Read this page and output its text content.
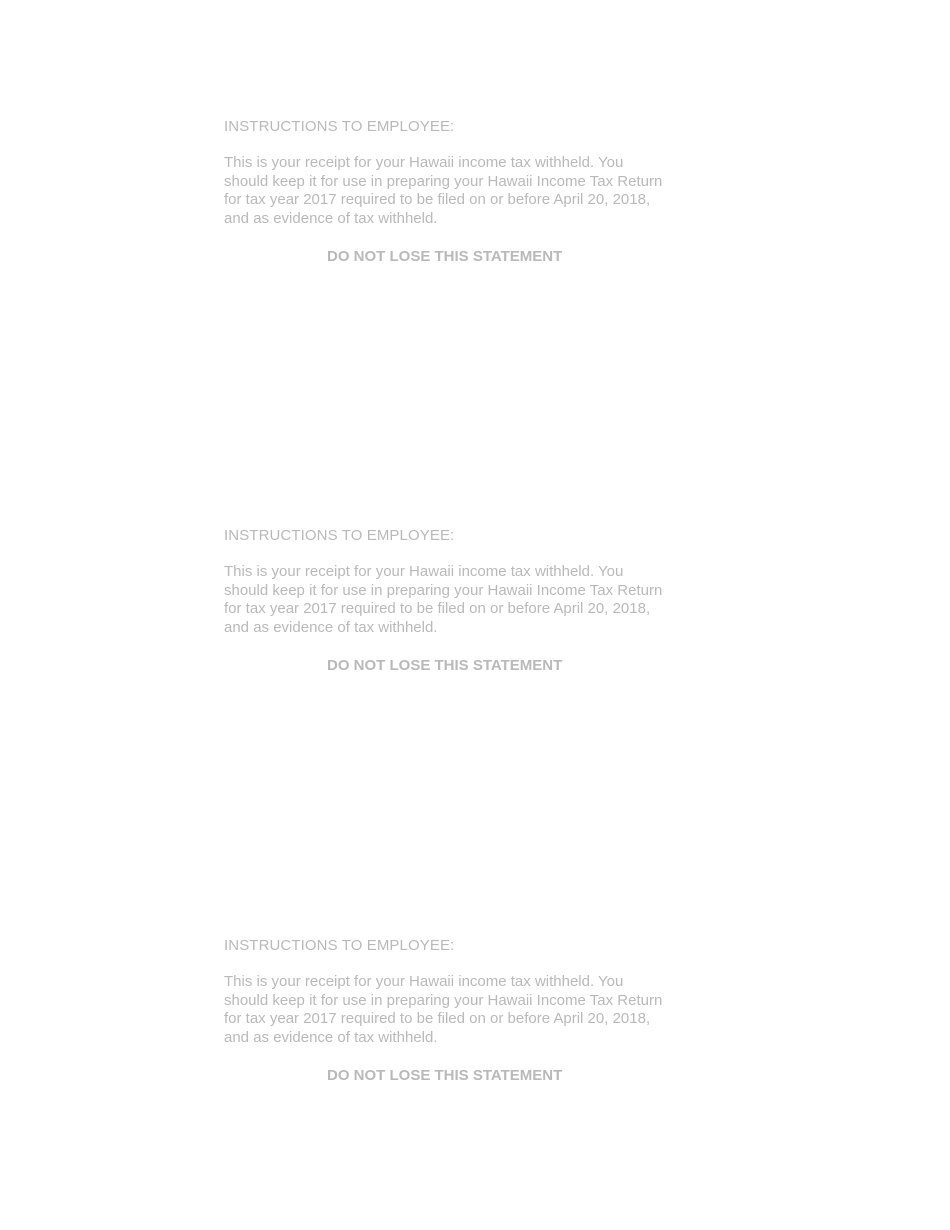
INSTRUCTIONS TO EMPLOYEE:

This is your receipt for your Hawaii income tax withheld. You should keep it for use in preparing your Hawaii Income Tax Return for tax year 2017 required to be filed on or before April 20, 2018, and as evidence of tax withheld.

DO NOT LOSE THIS STATEMENT

INSTRUCTIONS TO EMPLOYEE:

This is your receipt for your Hawaii income tax withheld. You should keep it for use in preparing your Hawaii Income Tax Return for tax year 2017 required to be filed on or before April 20, 2018, and as evidence of tax withheld.

DO NOT LOSE THIS STATEMENT

INSTRUCTIONS TO EMPLOYEE:

This is your receipt for your Hawaii income tax withheld. You should keep it for use in preparing your Hawaii Income Tax Return for tax year 2017 required to be filed on or before April 20, 2018, and as evidence of tax withheld.

DO NOT LOSE THIS STATEMENT
